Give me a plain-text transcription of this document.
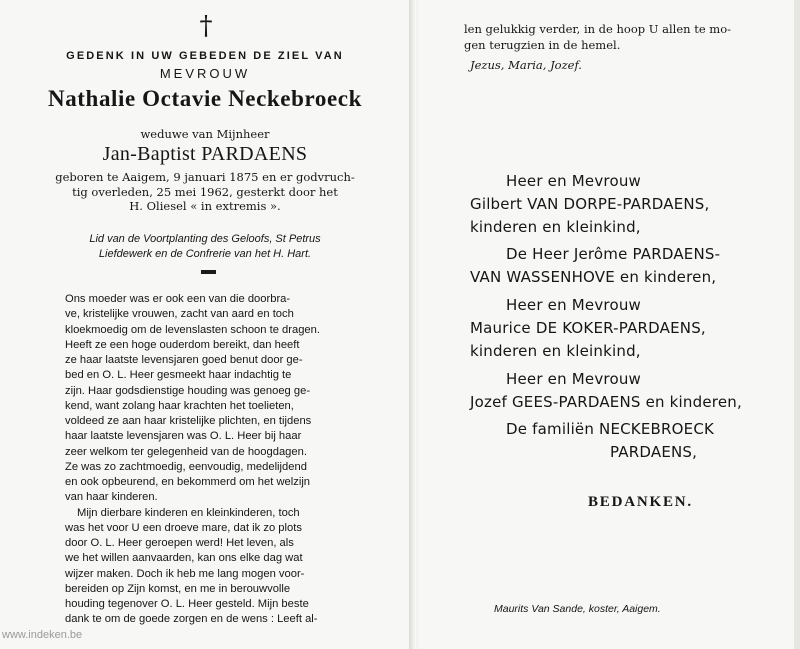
†
GEDENK IN UW GEBEDEN DE ZIEL VAN
MEVROUW
Nathalie Octavie Neckebroeck
weduwe van Mijnheer
Jan-Baptist PARDAENS
geboren te Aaigem, 9 januari 1875 en er godvruch-
tig overleden, 25 mei 1962, gesterkt door het
H. Oliesel « in extremis ».
Lid van de Voortplanting des Geloofs, St Petrus
Liefdewerk en de Confrerie van het H. Hart.
Ons moeder was er ook een van die doorbra-
ve, kristelijke vrouwen, zacht van aard en toch
kloekmoedig om de levenslasten schoon te dragen.
Heeft ze een hoge ouderdom bereikt, dan heeft
ze haar laatste levensjaren goed benut door ge-
bed en O. L. Heer gesmeekt haar indachtig te
zijn. Haar godsdienstige houding was genoeg ge-
kend, want zolang haar krachten het toelieten,
voldeed ze aan haar kristelijke plichten, en tijdens
haar laatste levensjaren was O. L. Heer bij haar
zeer welkom ter gelegenheid van de hoogdagen.
Ze was zo zachtmoedig, eenvoudig, medelijdend
en ook opbeurend, en bekommerd om het welzijn
van haar kinderen.
Mijn dierbare kinderen en kleinkinderen, toch
was het voor U een droeve mare, dat ik zo plots
door O. L. Heer geroepen werd! Het leven, als
we het willen aanvaarden, kan ons elke dag wat
wijzer maken. Doch ik heb me lang mogen voor-
bereiden op Zijn komst, en me in berouwvolle
houding tegenover O. L. Heer gesteld. Mijn beste
dank te om de goede zorgen en de wens : Leeft al-
www.indeken.be
len gelukkig verder, in de hoop U allen te mo-
gen terugzien in de hemel.
Jezus, Maria, Jozef.
Heer en Mevrouw
Gilbert VAN DORPE-PARDAENS,
kinderen en kleinkind,
De Heer Jerôme PARDAENS-
VAN WASSENHOVE en kinderen,
Heer en Mevrouw
Maurice DE KOKER-PARDAENS,
kinderen en kleinkind,
Heer en Mevrouw
Jozef GEES-PARDAENS en kinderen,
De familiën NECKEBROECK
PARDAENS,
BEDANKEN.
Maurits Van Sande, koster, Aaigem.
